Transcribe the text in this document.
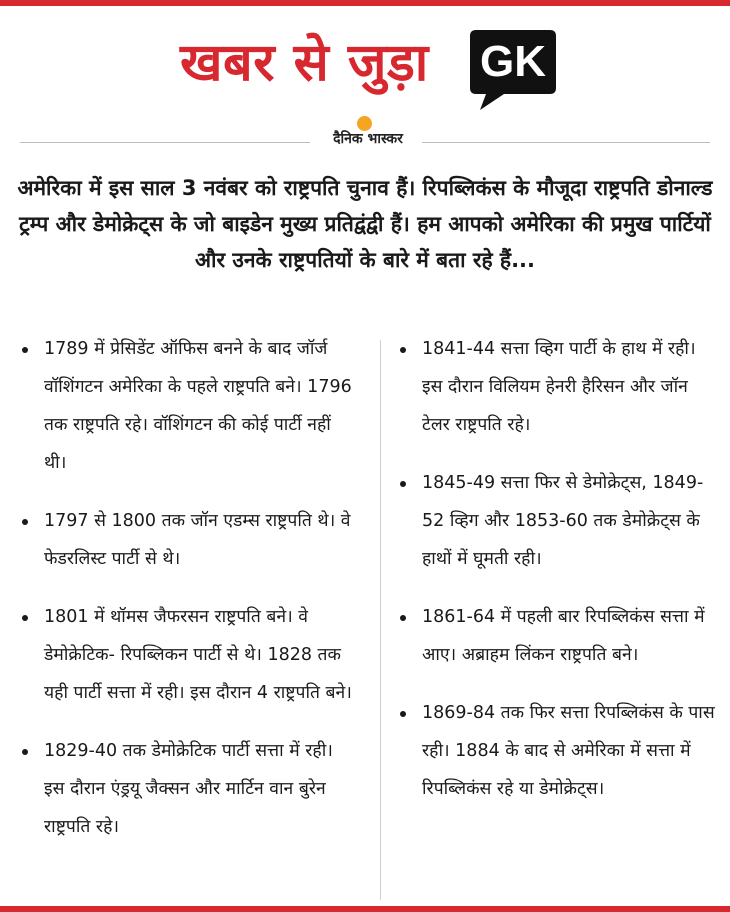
खबर से जुड़ा GK
दैनिक भास्कर
अमेरिका में इस साल 3 नवंबर को राष्ट्रपति चुनाव हैं। रिपब्लिकंस के मौजूदा राष्ट्रपति डोनाल्ड ट्रम्प और डेमोक्रेट्स के जो बाइडेन मुख्य प्रतिद्वंद्वी हैं। हम आपको अमेरिका की प्रमुख पार्टियों और उनके राष्ट्रपतियों के बारे में बता रहे हैं...
1789 में प्रेसिडेंट ऑफिस बनने के बाद जॉर्ज वॉशिंगटन अमेरिका के पहले राष्ट्रपति बने। 1796 तक राष्ट्रपति रहे। वॉशिंगटन की कोई पार्टी नहीं थी।
1797 से 1800 तक जॉन एडम्स राष्ट्रपति थे। वे फेडरलिस्ट पार्टी से थे।
1801 में थॉमस जैफरसन राष्ट्रपति बने। वे डेमोक्रेटिक- रिपब्लिकन पार्टी से थे। 1828 तक यही पार्टी सत्ता में रही। इस दौरान 4 राष्ट्रपति बने।
1829-40 तक डेमोक्रेटिक पार्टी सत्ता में रही। इस दौरान एंड्रयू जैक्सन और मार्टिन वान बुरेन राष्ट्रपति रहे।
1841-44 सत्ता व्हिग पार्टी के हाथ में रही। इस दौरान विलियम हेनरी हैरिसन और जॉन टेलर राष्ट्रपति रहे।
1845-49 सत्ता फिर से डेमोक्रेट्स, 1849-52 व्हिग और 1853-60 तक डेमोक्रेट्स के हाथों में घूमती रही।
1861-64 में पहली बार रिपब्लिकंस सत्ता में आए। अब्राहम लिंकन राष्ट्रपति बने।
1869-84 तक फिर सत्ता रिपब्लिकंस के पास रही। 1884 के बाद से अमेरिका में सत्ता में रिपब्लिकंस रहे या डेमोक्रेट्स।
